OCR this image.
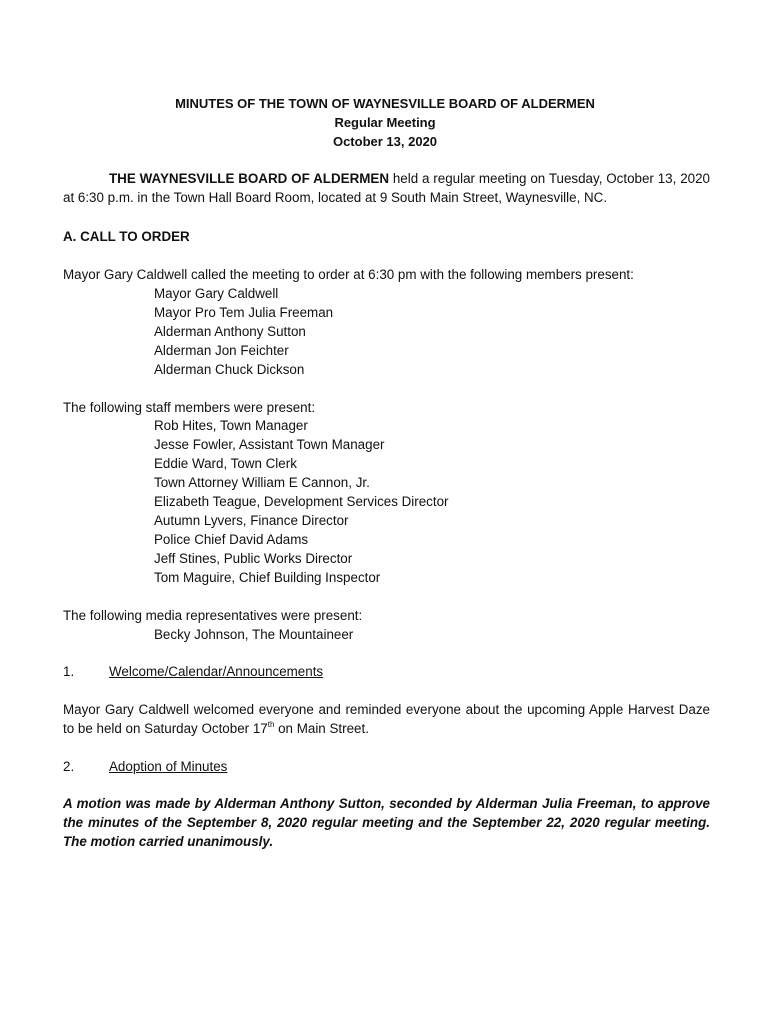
MINUTES OF THE TOWN OF WAYNESVILLE BOARD OF ALDERMEN
Regular Meeting
October 13, 2020
THE WAYNESVILLE BOARD OF ALDERMEN held a regular meeting on Tuesday, October 13, 2020 at 6:30 p.m. in the Town Hall Board Room, located at 9 South Main Street, Waynesville, NC.
A. CALL TO ORDER
Mayor Gary Caldwell called the meeting to order at 6:30 pm with the following members present:
Mayor Gary Caldwell
Mayor Pro Tem Julia Freeman
Alderman Anthony Sutton
Alderman Jon Feichter
Alderman Chuck Dickson
The following staff members were present:
Rob Hites, Town Manager
Jesse Fowler, Assistant Town Manager
Eddie Ward, Town Clerk
Town Attorney William E Cannon, Jr.
Elizabeth Teague, Development Services Director
Autumn Lyvers, Finance Director
Police Chief David Adams
Jeff Stines, Public Works Director
Tom Maguire, Chief Building Inspector
The following media representatives were present:
Becky Johnson, The Mountaineer
1.	Welcome/Calendar/Announcements
Mayor Gary Caldwell welcomed everyone and reminded everyone about the upcoming Apple Harvest Daze to be held on Saturday October 17th on Main Street.
2.	Adoption of Minutes
A motion was made by Alderman Anthony Sutton, seconded by Alderman Julia Freeman, to approve the minutes of the September 8, 2020 regular meeting and the September 22, 2020 regular meeting. The motion carried unanimously.
